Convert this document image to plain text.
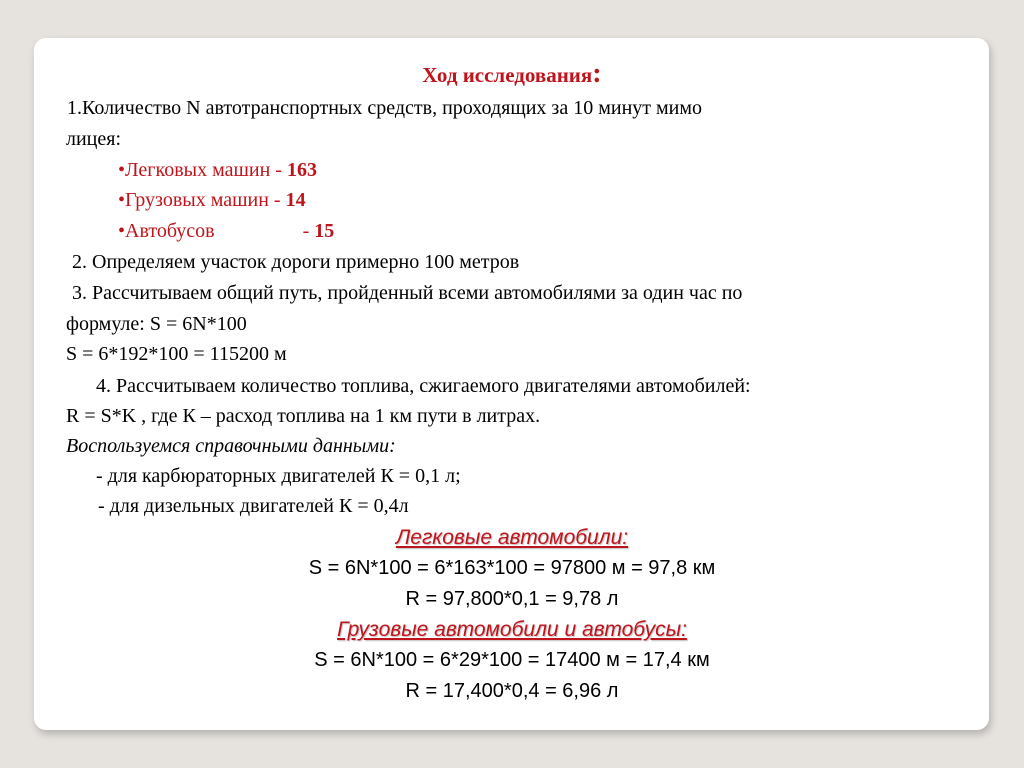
Ход исследования:
1.Количество N автотранспортных средств, проходящих за 10 минут мимо
лицея:
•Легковых машин - 163
•Грузовых машин - 14
•Автобусов	- 15
2. Определяем участок дороги примерно 100 метров
3. Рассчитываем общий путь, пройденный всеми автомобилями за один час по
формуле: S = 6N*100
S = 6*192*100 = 115200 м
4. Рассчитываем количество топлива, сжигаемого двигателями автомобилей:
R = S*K , где К – расход топлива на 1 км пути в литрах.
Воспользуемся справочными данными:
- для карбюраторных двигателей К = 0,1 л;
- для дизельных двигателей К = 0,4л
Легковые автомобили:
S = 6N*100 = 6*163*100 = 97800 м = 97,8 км
R = 97,800*0,1 = 9,78 л
Грузовые автомобили и автобусы:
S = 6N*100 = 6*29*100 = 17400 м = 17,4 км
R = 17,400*0,4 = 6,96 л
